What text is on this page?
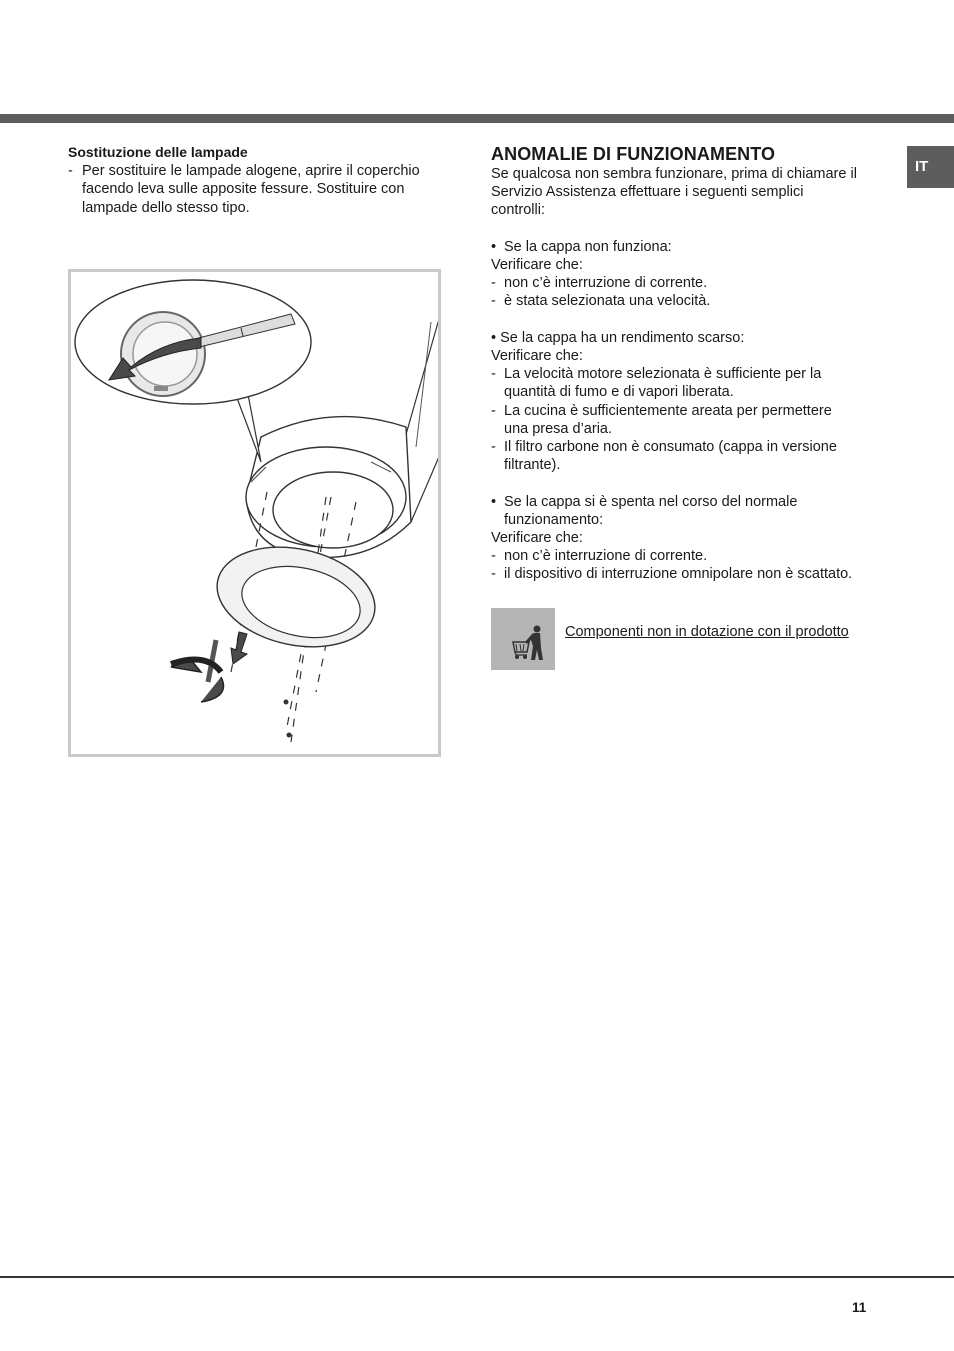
IT

Sostituzione delle lampade

- Per sostituire le lampade alogene, aprire il coperchio
facendo leva sulle apposite fessure. Sostituire con
lampade dello stesso tipo.

ANOMALIE DI FUNZIONAMENTO

Se qualcosa non sembra funzionare, prima di chiamare il

Servizio Assistenza effettuare i seguenti semplici

controlli:

• Se la cappa non funziona:

Verificare che:

- non c’è interruzione di corrente.

- è stata selezionata una velocità.

• Se la cappa ha un rendimento scarso:

Verificare che:

- La velocità motore selezionata è sufficiente per la
quantità di fumo e di vapori liberata.
- La cucina è sufficientemente areata per permettere
una presa d’aria.
- Il filtro carbone non è consumato (cappa in versione
filtrante).
• Se la cappa si è spenta nel corso del normale
funzionamento:

Verificare che:

- non c’è interruzione di corrente.

- il dispositivo di interruzione omnipolare non è scattato.

Componenti non in dotazione con il prodotto
11
